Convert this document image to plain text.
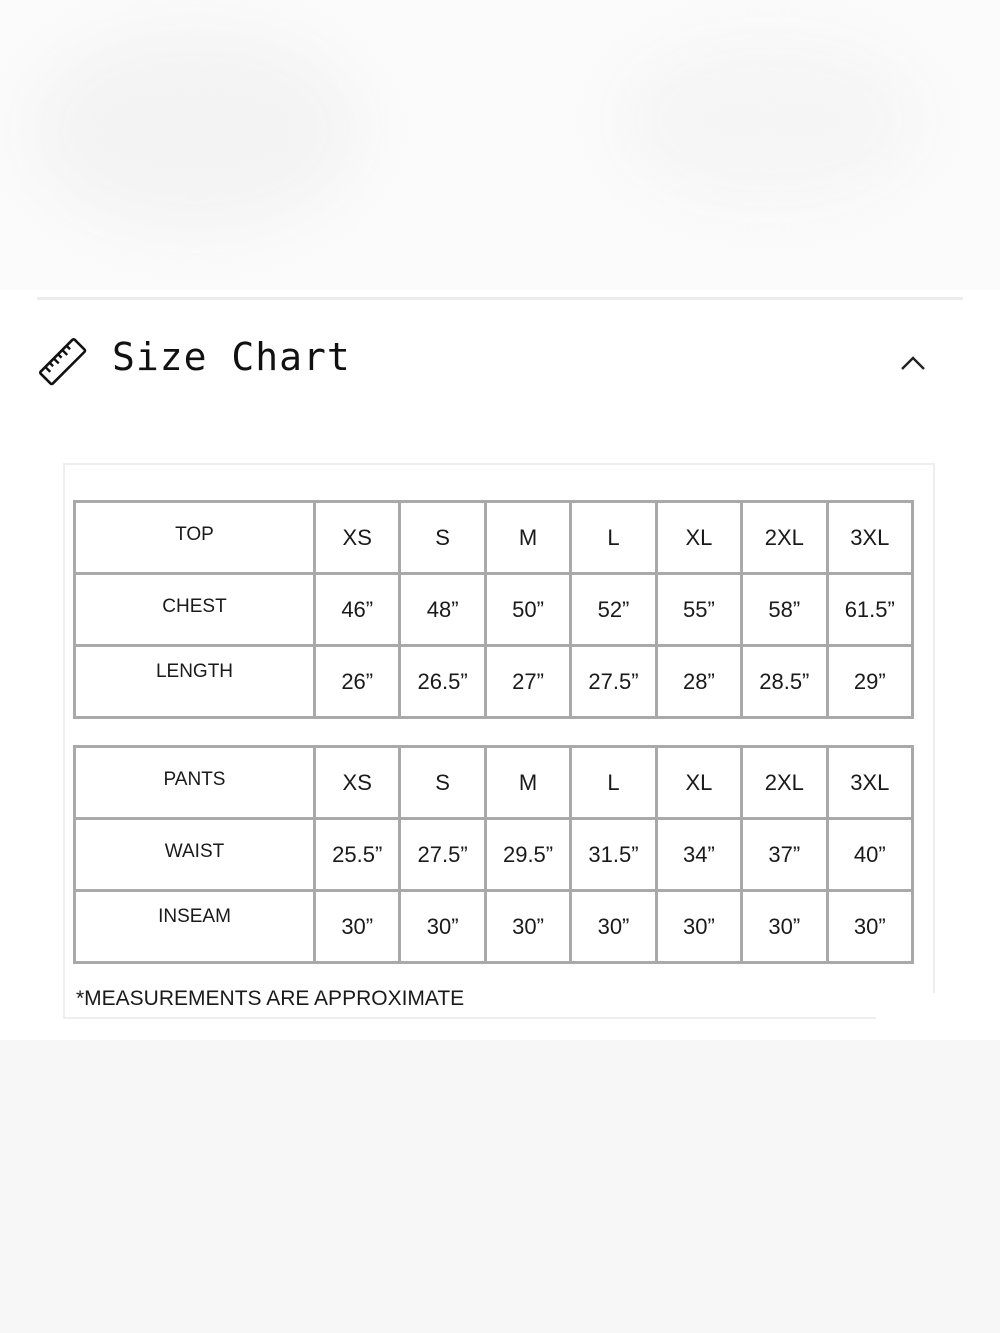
Size Chart
TOP	XS	S	M	L	XL	2XL	3XL
CHEST	46”	48”	50”	52”	55”	58”	61.5”
LENGTH	26”	26.5”	27”	27.5”	28”	28.5”	29”
PANTS	XS	S	M	L	XL	2XL	3XL
WAIST	25.5”	27.5”	29.5”	31.5”	34”	37”	40”
INSEAM	30”	30”	30”	30”	30”	30”	30”
*MEASUREMENTS ARE APPROXIMATE
